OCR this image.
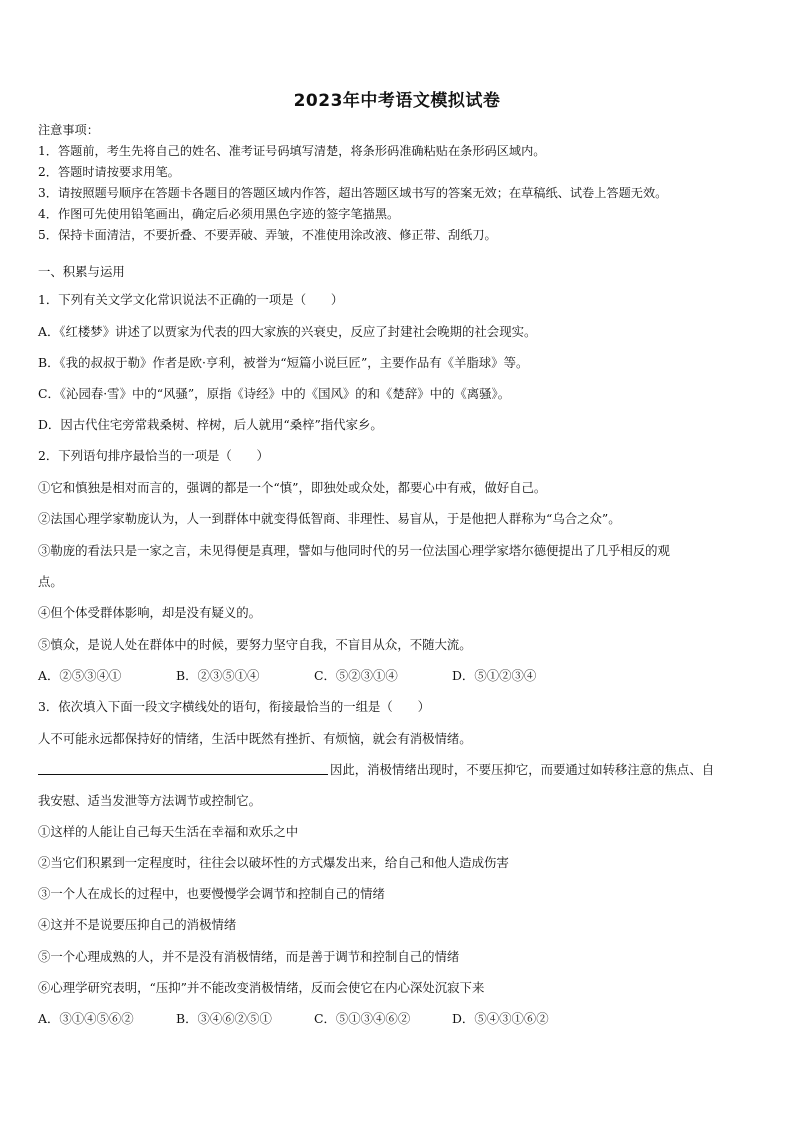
2023年中考语文模拟试卷
注意事项：
1．答题前，考生先将自己的姓名、准考证号码填写清楚，将条形码准确粘贴在条形码区域内。
2．答题时请按要求用笔。
3．请按照题号顺序在答题卡各题目的答题区域内作答，超出答题区域书写的答案无效；在草稿纸、试卷上答题无效。
4．作图可先使用铅笔画出，确定后必须用黑色字迹的签字笔描黑。
5．保持卡面清洁，不要折叠、不要弄破、弄皱，不准使用涂改液、修正带、刮纸刀。
一、积累与运用
1．下列有关文学文化常识说法不正确的一项是（　　）
A．《红楼梦》讲述了以贾家为代表的四大家族的兴衰史，反应了封建社会晚期的社会现实。
B．《我的叔叔于勒》作者是欧·亨利，被誉为“短篇小说巨匠”，主要作品有《羊脂球》等。
C．《沁园春·雪》中的“风骚”，原指《诗经》中的《国风》的和《楚辞》中的《离骚》。
D．因古代住宅旁常栽桑树、梓树，后人就用“桑梓”指代家乡。
2．下列语句排序最恰当的一项是（　　）
①它和慎独是相对而言的，强调的都是一个“慎”，即独处或众处，都要心中有戒，做好自己。
②法国心理学家勒庞认为，人一到群体中就变得低智商、非理性、易盲从，于是他把人群称为“乌合之众”。
③勒庞的看法只是一家之言，未见得便是真理，譬如与他同时代的另一位法国心理学家塔尔德便提出了几乎相反的观
点。
④但个体受群体影响，却是没有疑义的。
⑤慎众，是说人处在群体中的时候，要努力坚守自我，不盲目从众，不随大流。
A．②⑤③④①	B．②③⑤①④	C．⑤②③①④	D．⑤①②③④
3．依次填入下面一段文字横线处的语句，衔接最恰当的一组是（　　）
人不可能永远都保持好的情绪，生活中既然有挫折、有烦恼，就会有消极情绪。
因此，消极情绪出现时，不要压抑它，而要通过如转移注意的焦点、自
我安慰、适当发泄等方法调节或控制它。
①这样的人能让自己每天生活在幸福和欢乐之中
②当它们积累到一定程度时，往往会以破坏性的方式爆发出来，给自己和他人造成伤害
③一个人在成长的过程中，也要慢慢学会调节和控制自己的情绪
④这并不是说要压抑自己的消极情绪
⑤一个心理成熟的人，并不是没有消极情绪，而是善于调节和控制自己的情绪
⑥心理学研究表明，“压抑”并不能改变消极情绪，反而会使它在内心深处沉寂下来
A．③①④⑤⑥②	B．③④⑥②⑤①	C．⑤①③④⑥②	D．⑤④③①⑥②
